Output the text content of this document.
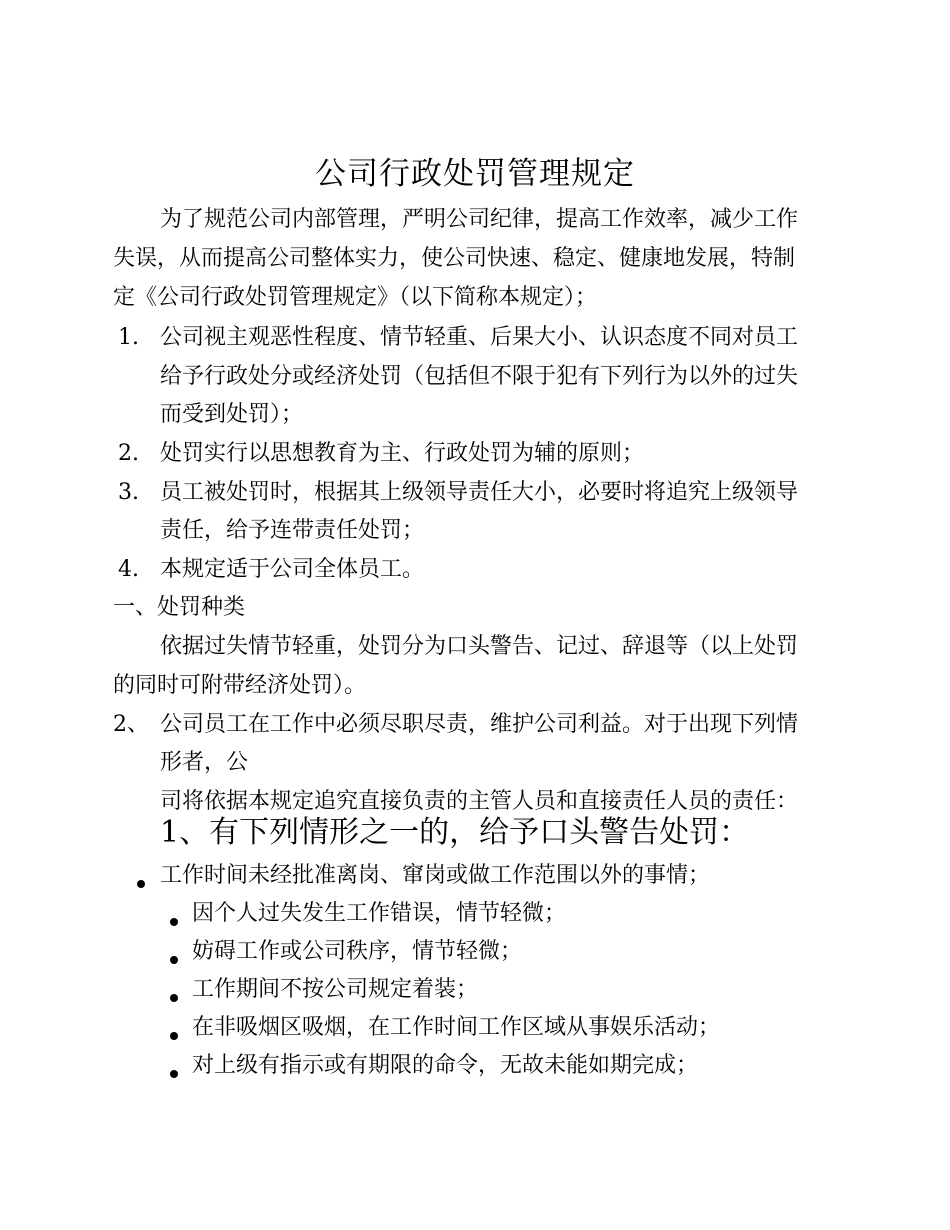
公司行政处罚管理规定
为了规范公司内部管理，严明公司纪律，提高工作效率，减少工作
失误，从而提高公司整体实力，使公司快速、稳定、健康地发展，特制
定《公司行政处罚管理规定》（以下简称本规定）；
1. 公司视主观恶性程度、情节轻重、后果大小、认识态度不同对员工
给予行政处分或经济处罚（包括但不限于犯有下列行为以外的过失
而受到处罚）；
2. 处罚实行以思想教育为主、行政处罚为辅的原则；
3. 员工被处罚时，根据其上级领导责任大小，必要时将追究上级领导
责任，给予连带责任处罚；
4. 本规定适于公司全体员工。
一、处罚种类
依据过失情节轻重，处罚分为口头警告、记过、辞退等（以上处罚
的同时可附带经济处罚）。
2、 公司员工在工作中必须尽职尽责，维护公司利益。对于出现下列情
形者，公
司将依据本规定追究直接负责的主管人员和直接责任人员的责任：
1、有下列情形之一的，给予口头警告处罚：
工作时间未经批准离岗、窜岗或做工作范围以外的事情；
因个人过失发生工作错误，情节轻微；
妨碍工作或公司秩序，情节轻微；
工作期间不按公司规定着装；
在非吸烟区吸烟，在工作时间工作区域从事娱乐活动；
对上级有指示或有期限的命令，无故未能如期完成；
